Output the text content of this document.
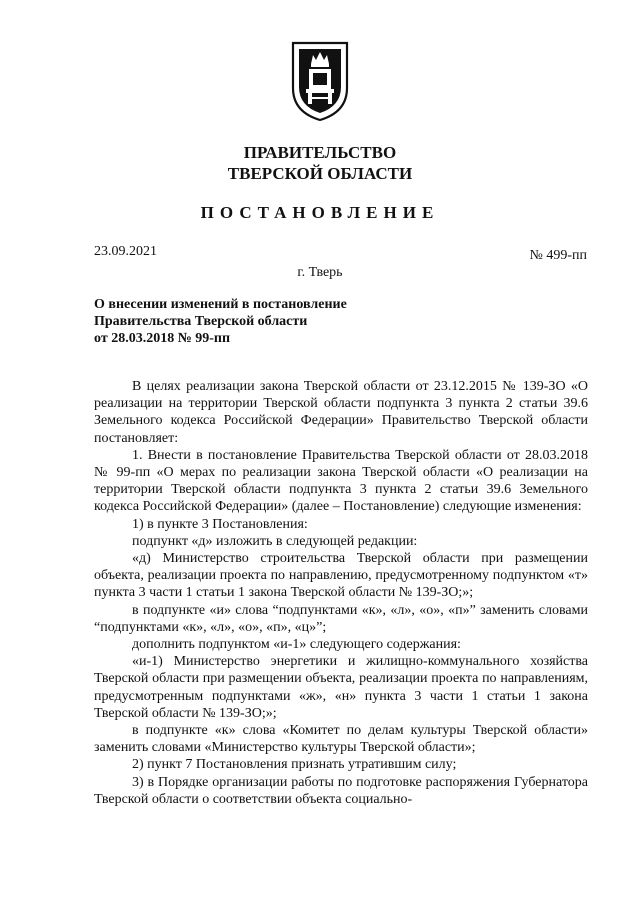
ПРАВИТЕЛЬСТВО
ТВЕРСКОЙ ОБЛАСТИ
ПОСТАНОВЛЕНИЕ
23.09.2021	№ 499-пп
г. Тверь
О внесении изменений в постановление
Правительства Тверской области
от 28.03.2018 № 99-пп

В целях реализации закона Тверской области от 23.12.2015 № 139-ЗО «О реализации на территории Тверской области подпункта 3 пункта 2 статьи 39.6 Земельного кодекса Российской Федерации» Правительство Тверской области постановляет:

1. Внести в постановление Правительства Тверской области от 28.03.2018 № 99-пп «О мерах по реализации закона Тверской области «О реализации на территории Тверской области подпункта 3 пункта 2 статьи 39.6 Земельного кодекса Российской Федерации» (далее – Постановление) следующие изменения:

1) в пункте 3 Постановления:

подпункт «д» изложить в следующей редакции:

«д) Министерство строительства Тверской области при размещении объекта, реализации проекта по направлению, предусмотренному подпунктом «т» пункта 3 части 1 статьи 1 закона Тверской области № 139-ЗО;»;

в подпункте «и» слова “подпунктами «к», «л», «о», «п»” заменить словами “подпунктами «к», «л», «о», «п», «ц»”;

дополнить подпунктом «и-1» следующего содержания:

«и-1) Министерство энергетики и жилищно-коммунального хозяйства Тверской области при размещении объекта, реализации проекта по направлениям, предусмотренным подпунктами «ж», «н» пункта 3 части 1 статьи 1 закона Тверской области № 139-ЗО;»;

в подпункте «к» слова «Комитет по делам культуры Тверской области» заменить словами «Министерство культуры Тверской области»;

2) пункт 7 Постановления признать утратившим силу;

3) в Порядке организации работы по подготовке распоряжения Губернатора Тверской области о соответствии объекта социально-
